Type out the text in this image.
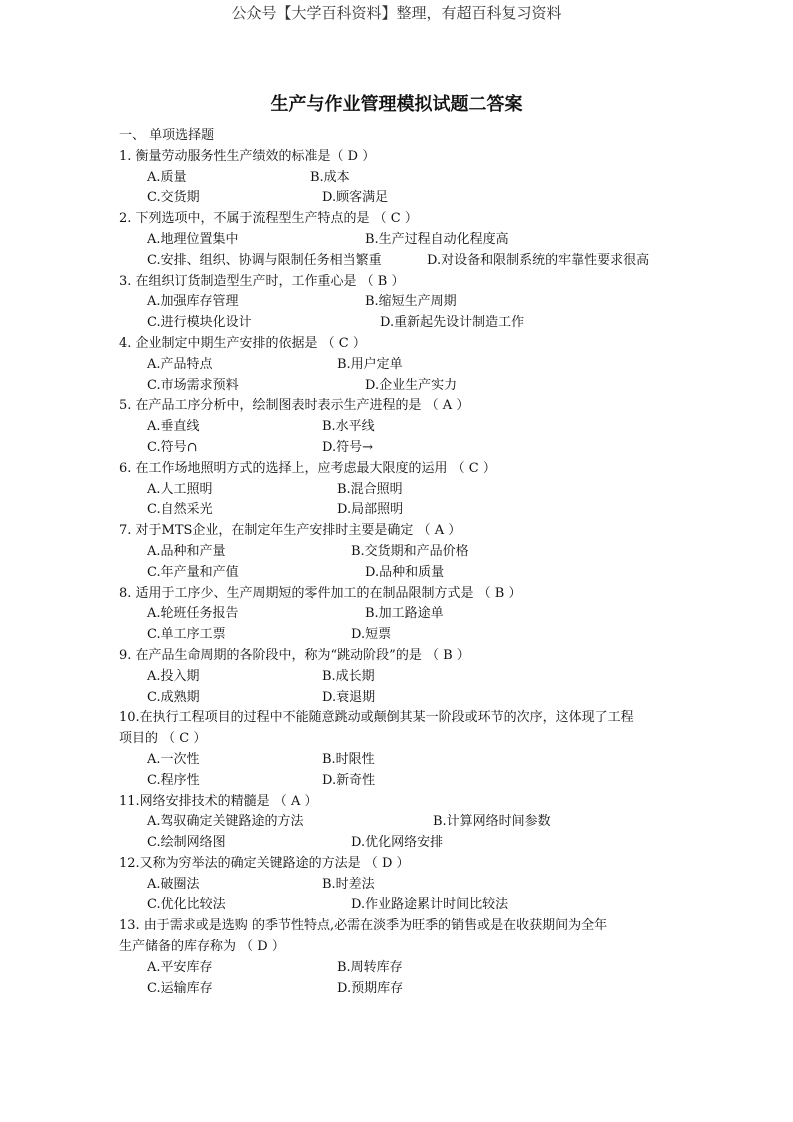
公众号【大学百科资料】整理，有超百科复习资料
生产与作业管理模拟试题二答案
一、 单项选择题
1. 衡量劳动服务性生产绩效的标准是（ D ）
A.质量	B.成本
C.交货期	D.顾客满足
2. 下列选项中，不属于流程型生产特点的是 （ C ）
A.地理位置集中	B.生产过程自动化程度高
C.安排、组织、协调与限制任务相当繁重	D.对设备和限制系统的牢靠性要求很高
3. 在组织订货制造型生产时，工作重心是 （ B ）
A.加强库存管理	B.缩短生产周期
C.进行模块化设计	D.重新起先设计制造工作
4. 企业制定中期生产安排的依据是 （ C ）
A.产品特点	B.用户定单
C.市场需求预料	D.企业生产实力
5. 在产品工序分析中，绘制图表时表示生产进程的是 （ A ）
A.垂直线	B.水平线
C.符号∩	D.符号→
6. 在工作场地照明方式的选择上，应考虑最大限度的运用 （ C ）
A.人工照明	B.混合照明
C.自然采光	D.局部照明
7. 对于MTS企业，在制定年生产安排时主要是确定 （ A ）
A.品种和产量	B.交货期和产品价格
C.年产量和产值	D.品种和质量
8. 适用于工序少、生产周期短的零件加工的在制品限制方式是 （ B ）
A.轮班任务报告	B.加工路途单
C.单工序工票	D.短票
9. 在产品生命周期的各阶段中，称为“跳动阶段”的是 （ B ）
A.投入期	B.成长期
C.成熟期	D.衰退期
10.在执行工程项目的过程中不能随意跳动或颠倒其某一阶段或环节的次序，这体现了工程
项目的 （ C ）
A.一次性	B.时限性
C.程序性	D.新奇性
11.网络安排技术的精髓是 （ A ）
A.驾驭确定关键路途的方法	B.计算网络时间参数
C.绘制网络图	D.优化网络安排
12.又称为穷举法的确定关键路途的方法是 （ D ）
A.破圈法	B.时差法
C.优化比较法	D.作业路途累计时间比较法
13. 由于需求或是选购 的季节性特点,必需在淡季为旺季的销售或是在收获期间为全年
生产储备的库存称为 （ D ）
A.平安库存	B.周转库存
C.运输库存	D.预期库存
